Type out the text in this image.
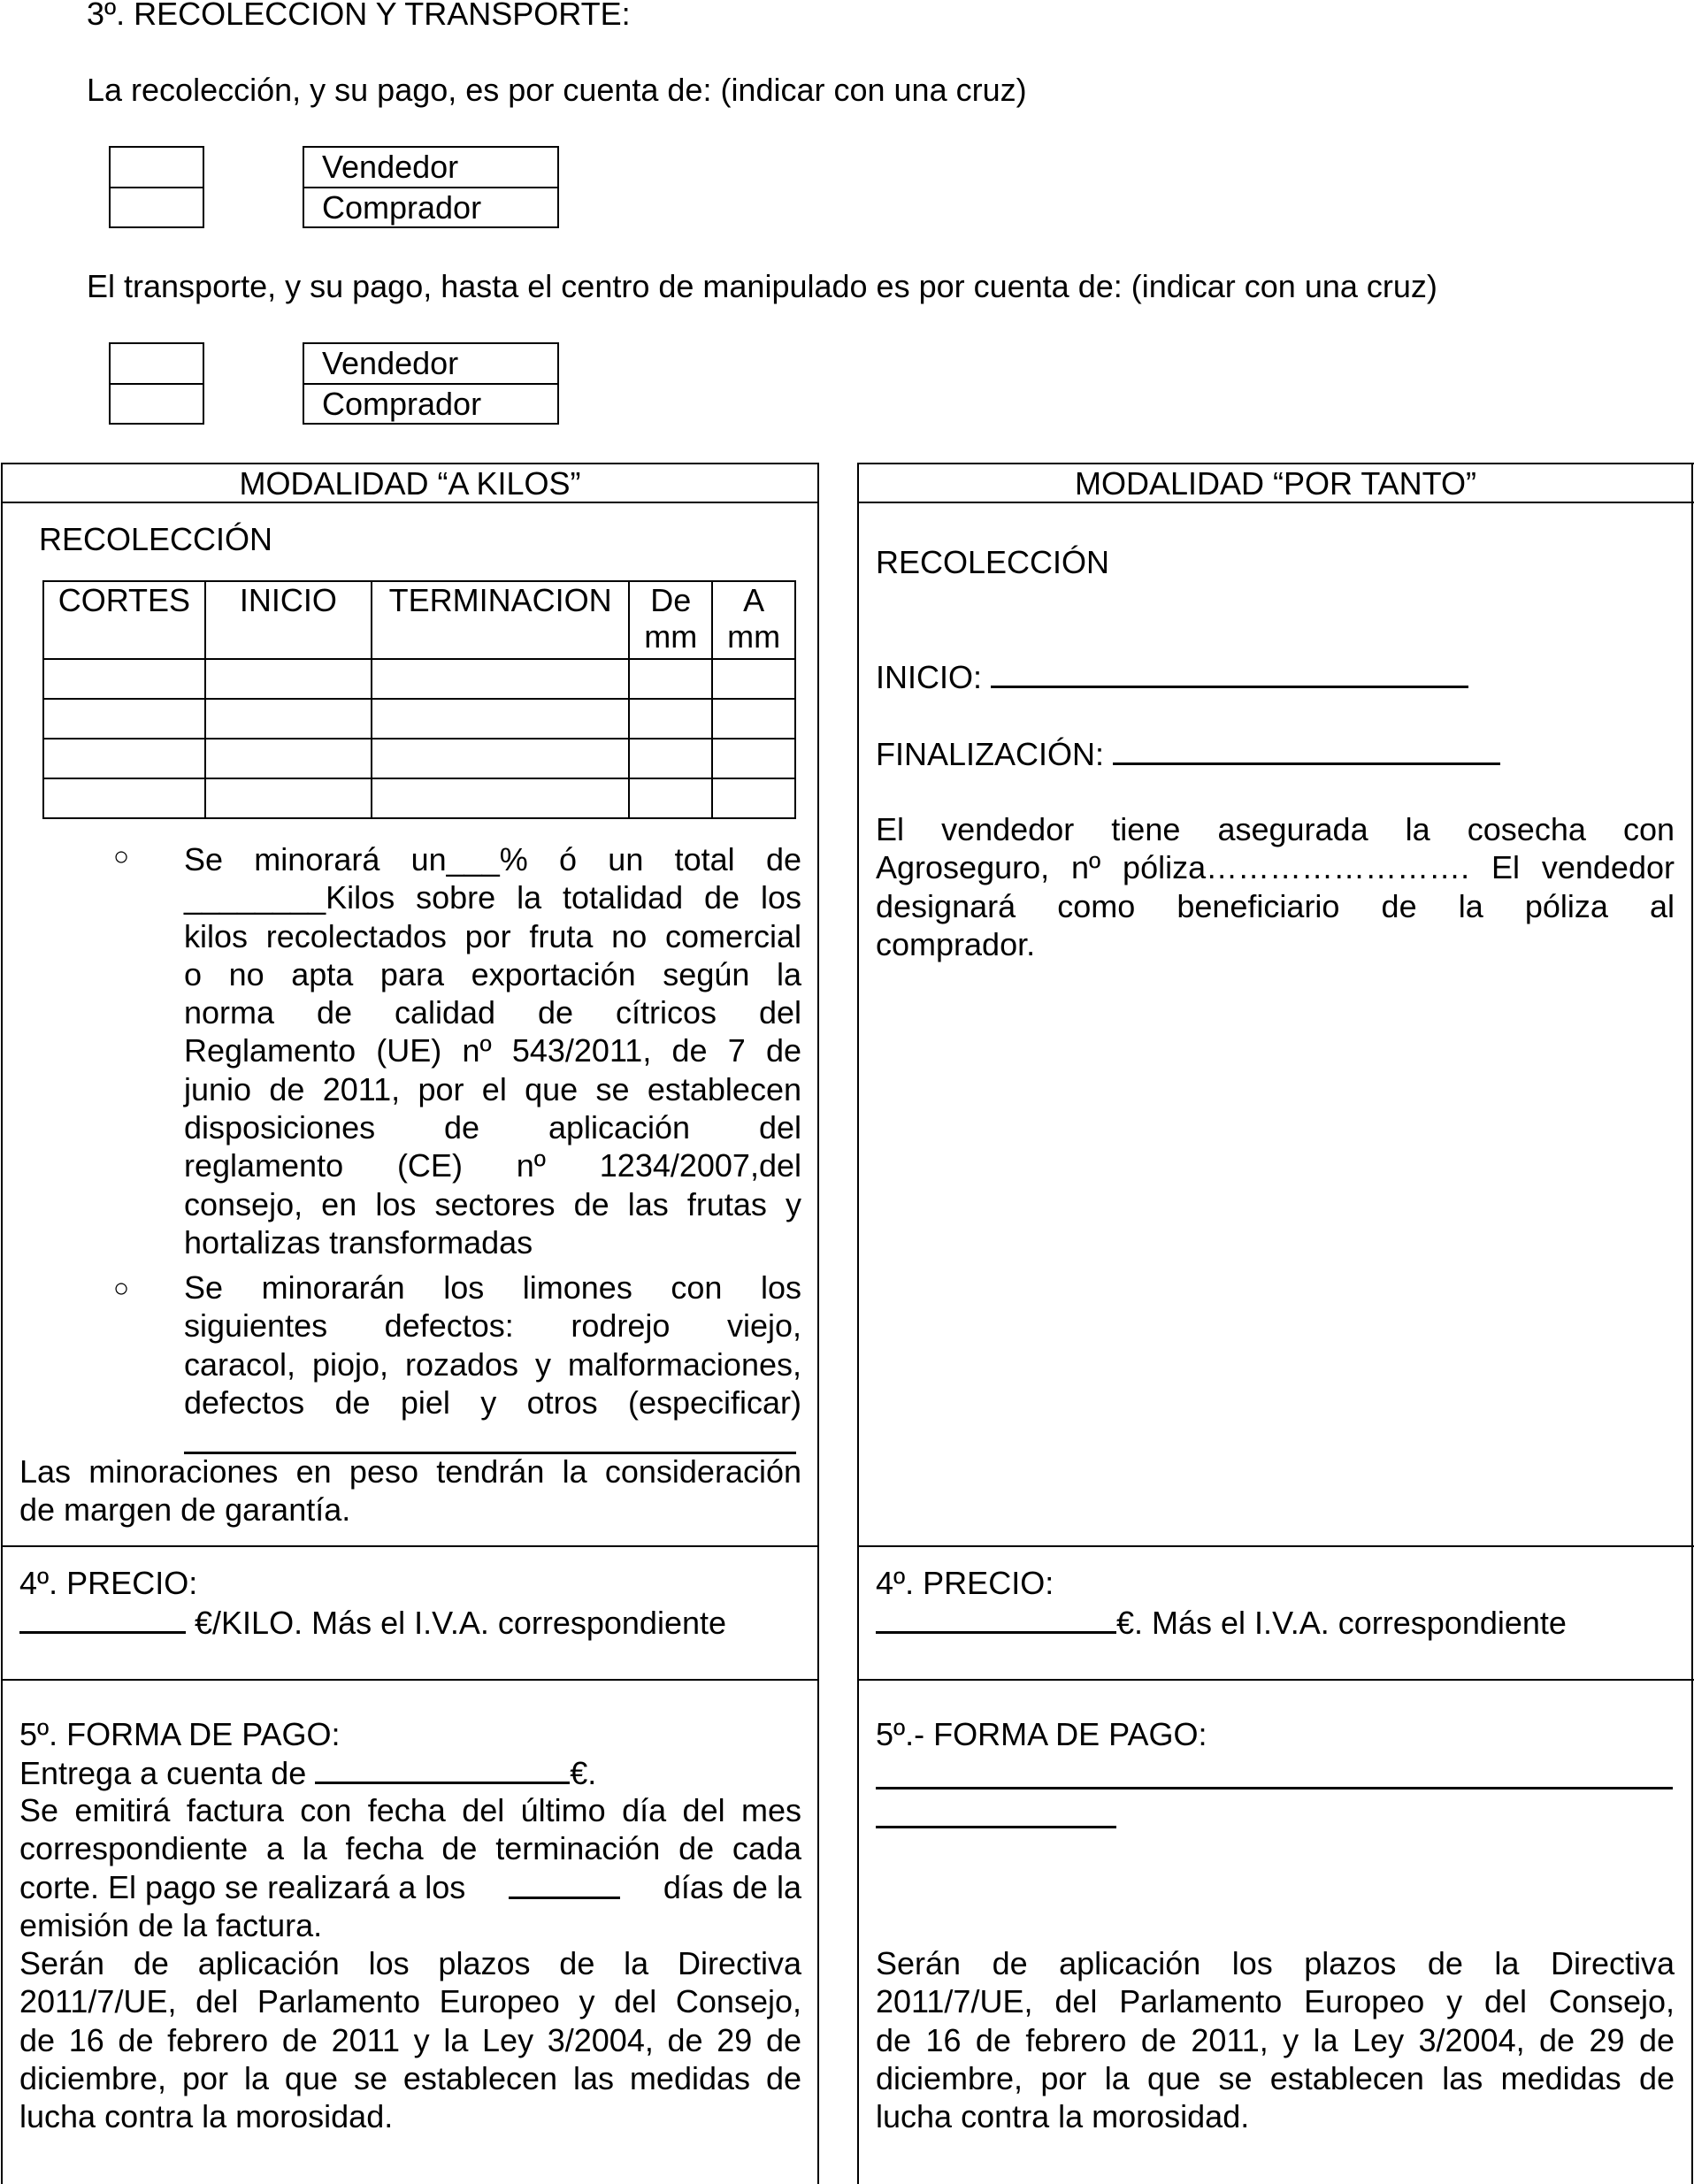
3º. RECOLECCION Y TRANSPORTE:
La recolección, y su pago, es por cuenta de: (indicar con una cruz)
Vendedor
Comprador
El transporte, y su pago, hasta el centro de manipulado es por cuenta de: (indicar con una cruz)
Vendedor
Comprador
MODALIDAD “A KILOS”
RECOLECCIÓN
CORTES	INICIO	TERMINACION	De mm	A mm

○ Se minorará un___% ó un total de

________Kilos sobre la totalidad de los

kilos recolectados por fruta no comercial

o no apta para exportación según la

norma de calidad de cítricos del

Reglamento (UE) nº 543/2011, de 7 de

junio de 2011, por el que se establecen

disposiciones de aplicación del

reglamento (CE) nº 1234/2007,del

consejo, en los sectores de las frutas y

hortalizas transformadas

○ Se minorarán los limones con los

siguientes defectos: rodrejo viejo,

caracol, piojo, rozados y malformaciones,

defectos de piel y otros (especificar)

Las minoraciones en peso tendrán la consideración

de margen de garantía.

4º. PRECIO:
€/KILO. Más el I.V.A. correspondiente
5º. FORMA DE PAGO:
Entrega a cuenta de	€.

Se emitirá factura con fecha del último día del mes

correspondiente a la fecha de terminación de cada

corte. El pago se realizará a los	días de la
emisión de la factura.

Serán de aplicación los plazos de la Directiva

2011/7/UE, del Parlamento Europeo y del Consejo,

de 16 de febrero de 2011 y la Ley 3/2004, de 29 de

diciembre, por la que se establecen las medidas de

lucha contra la morosidad.

MODALIDAD “POR TANTO”
RECOLECCIÓN
INICIO:
FINALIZACIÓN:

El vendedor tiene asegurada la cosecha con

Agroseguro, nº póliza……………………. El vendedor

designará como beneficiario de la póliza al

comprador.

4º. PRECIO:
€. Más el I.V.A. correspondiente
5º.- FORMA DE PAGO:

Serán de aplicación los plazos de la Directiva

2011/7/UE, del Parlamento Europeo y del Consejo,

de 16 de febrero de 2011, y la Ley 3/2004, de 29 de

diciembre, por la que se establecen las medidas de

lucha contra la morosidad.
